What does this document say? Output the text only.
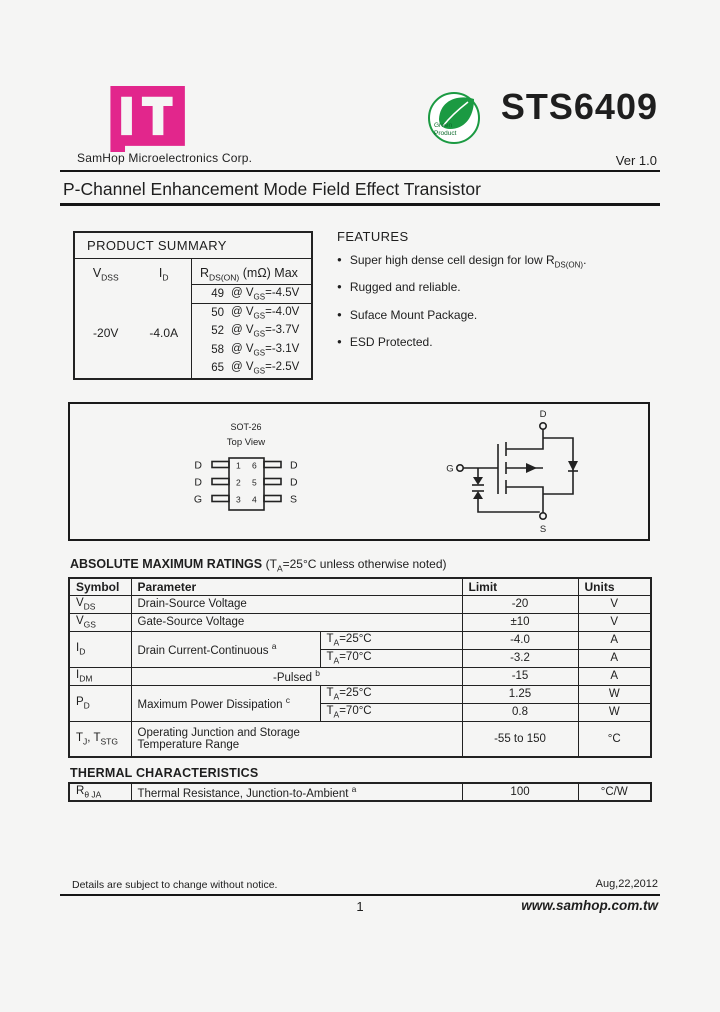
SamHop Microelectronics Corp.
Green
Product
STS6409
Ver 1.0
P-Channel Enhancement Mode Field Effect Transistor
PRODUCT SUMMARY
$V_{DSS}$	$I_D$
-20V	-4.0A
$R_{DS(ON)}$ (mΩ) Max
49 @ $V_{GS}=-4.5V$
50 @ $V_{GS}=-4.0V$
52 @ $V_{GS}=-3.7V$
58 @ $V_{GS}=-3.1V$
65 @ $V_{GS}=-2.5V$
FEATURES
● Super high dense cell design for low $R_{DS(ON)}$.
● Rugged and reliable.
● Suface Mount Package.
● ESD Protected.
SOT-26
Top View
1
2
3
6
5
4
D
D
G
D
D
S
D
G
S
ABSOLUTE MAXIMUM RATINGS ($T_A=25^\circ C$ unless otherwise noted)
Symbol	Parameter		Limit	Units
$V_{DS}$	Drain-Source Voltage		-20	V
$V_{GS}$	Gate-Source Voltage		±10	V
$I_D$	Drain Current-Continuous $^a$	$T_A=25^\circ C$	-4.0	A
		$T_A=70^\circ C$	-3.2	A
$I_{DM}$	-Pulsed $^b$		-15	A
$P_D$	Maximum Power Dissipation $^c$	$T_A=25^\circ C$	1.25	W
		$T_A=70^\circ C$	0.8	W
$T_J$, $T_{STG}$	Operating Junction and Storage
Temperature Range		-55 to 150	°C
THERMAL CHARACTERISTICS
$R_{\theta JA}$	Thermal Resistance, Junction-to-Ambient $^a$	100	°C/W
Details are subject to change without notice.	Aug,22,2012
1	www.samhop.com.tw
